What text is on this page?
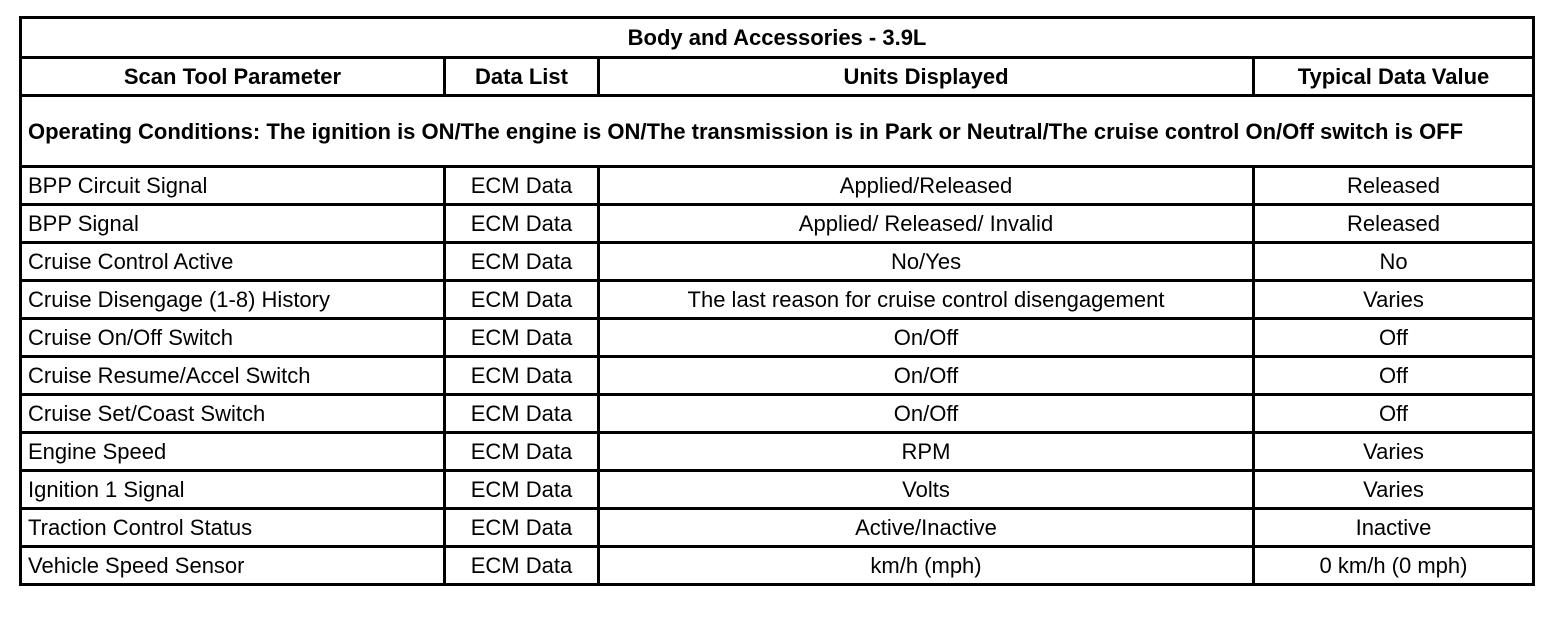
Body and Accessories - 3.9L			
Scan Tool Parameter	Data List	Units Displayed	Typical Data Value
Operating Conditions: The ignition is ON/The engine is ON/The transmission is in Park or Neutral/The cruise control On/Off switch is OFF			
BPP Circuit Signal	ECM Data	Applied/Released	Released
BPP Signal	ECM Data	Applied/ Released/ Invalid	Released
Cruise Control Active	ECM Data	No/Yes	No
Cruise Disengage (1-8) History	ECM Data	The last reason for cruise control disengagement	Varies
Cruise On/Off Switch	ECM Data	On/Off	Off
Cruise Resume/Accel Switch	ECM Data	On/Off	Off
Cruise Set/Coast Switch	ECM Data	On/Off	Off
Engine Speed	ECM Data	RPM	Varies
Ignition 1 Signal	ECM Data	Volts	Varies
Traction Control Status	ECM Data	Active/Inactive	Inactive
Vehicle Speed Sensor	ECM Data	km/h (mph)	0 km/h (0 mph)
